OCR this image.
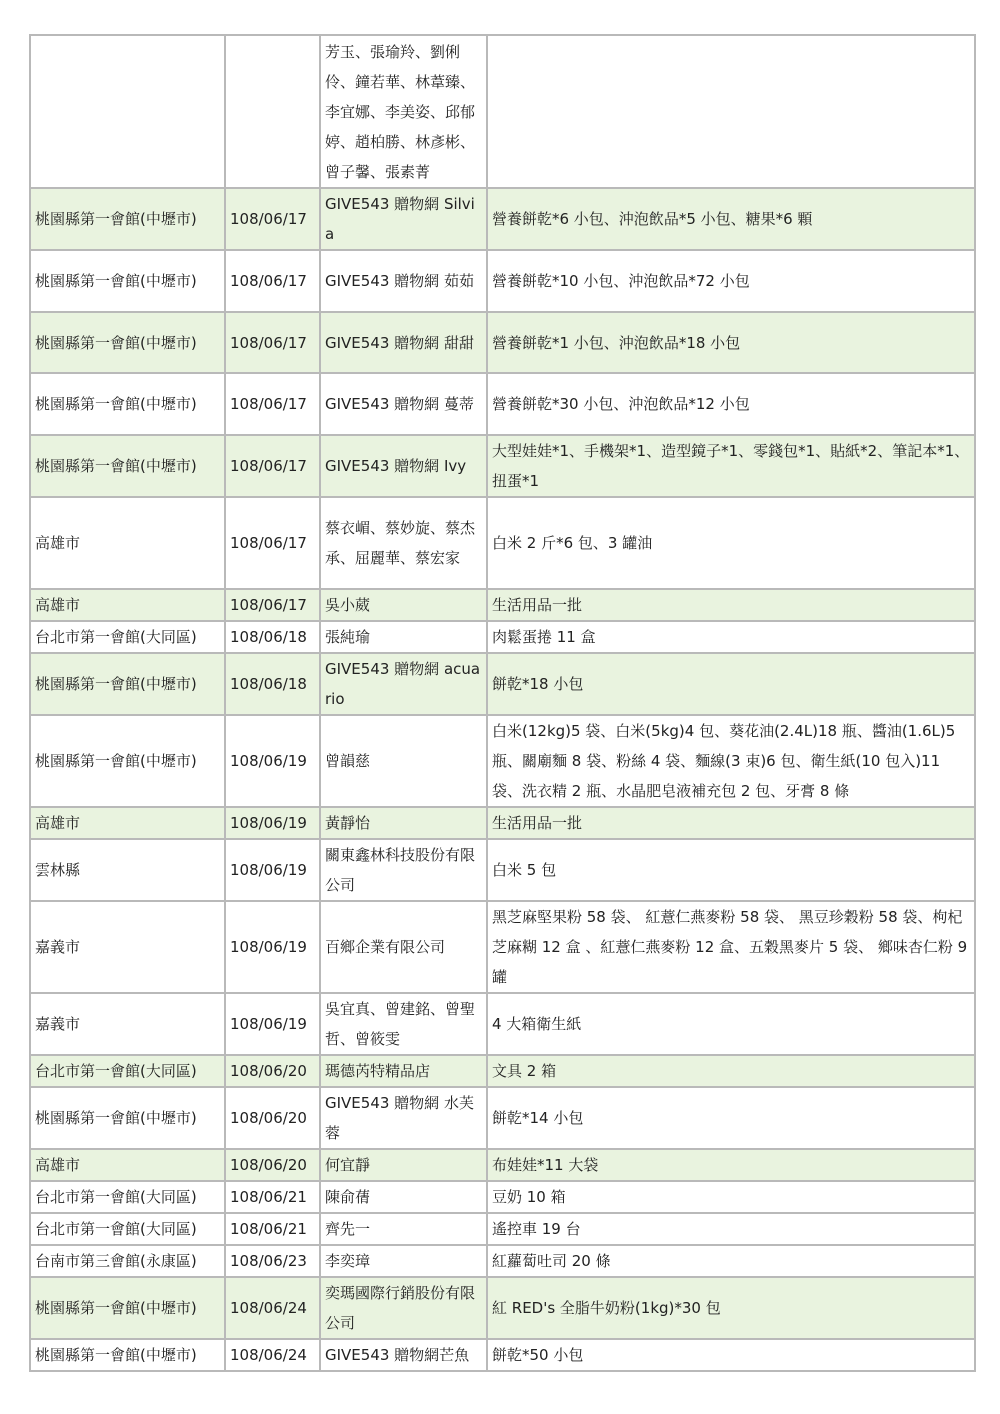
		芳玉、張瑜羚、劉俐伶、鐘若華、林葦臻、李宜娜、李美姿、邱郁婷、趙柏勝、林彥彬、曾子馨、張素菁	
桃園縣第一會館(中壢市)	108/06/17	GIVE543 贈物網 Silvia	營養餅乾*6 小包、沖泡飲品*5 小包、糖果*6 顆
桃園縣第一會館(中壢市)	108/06/17	GIVE543 贈物網 茹茹	營養餅乾*10 小包、沖泡飲品*72 小包
桃園縣第一會館(中壢市)	108/06/17	GIVE543 贈物網 甜甜	營養餅乾*1 小包、沖泡飲品*18 小包
桃園縣第一會館(中壢市)	108/06/17	GIVE543 贈物網 蔓蒂	營養餅乾*30 小包、沖泡飲品*12 小包
桃園縣第一會館(中壢市)	108/06/17	GIVE543 贈物網 Ivy	大型娃娃*1、手機架*1、造型鏡子*1、零錢包*1、貼紙*2、筆記本*1、扭蛋*1
高雄市	108/06/17	蔡衣嵋、蔡妙旋、蔡杰承、屈麗華、蔡宏家	白米 2 斤*6 包、3 罐油
高雄市	108/06/17	吳小葳	生活用品一批
台北市第一會館(大同區)	108/06/18	張純瑜	肉鬆蛋捲 11 盒
桃園縣第一會館(中壢市)	108/06/18	GIVE543 贈物網 acuario	餅乾*18 小包
桃園縣第一會館(中壢市)	108/06/19	曾韻慈	白米(12kg)5 袋、白米(5kg)4 包、葵花油(2.4L)18 瓶、醬油(1.6L)5 瓶、關廟麵 8 袋、粉絲 4 袋、麵線(3 束)6 包、衛生紙(10 包入)11 袋、洗衣精 2 瓶、水晶肥皂液補充包 2 包、牙膏 8 條
高雄市	108/06/19	黃靜怡	生活用品一批
雲林縣	108/06/19	關東鑫林科技股份有限公司	白米 5 包
嘉義市	108/06/19	百鄉企業有限公司	黑芝麻堅果粉 58 袋、 紅薏仁燕麥粉 58 袋、 黑豆珍穀粉 58 袋、枸杞芝麻糊 12 盒 、紅薏仁燕麥粉 12 盒、五穀黑麥片 5 袋、 鄉味杏仁粉 9 罐
嘉義市	108/06/19	吳宜真、曾建銘、曾聖哲、曾筱雯	4 大箱衛生紙
台北市第一會館(大同區)	108/06/20	瑪德芮特精品店	文具 2 箱
桃園縣第一會館(中壢市)	108/06/20	GIVE543 贈物網 水芙蓉	餅乾*14 小包
高雄市	108/06/20	何宜靜	布娃娃*11 大袋
台北市第一會館(大同區)	108/06/21	陳俞蒨	豆奶 10 箱
台北市第一會館(大同區)	108/06/21	齊先一	遙控車 19 台
台南市第三會館(永康區)	108/06/23	李奕璋	紅蘿蔔吐司 20 條
桃園縣第一會館(中壢市)	108/06/24	奕瑪國際行銷股份有限公司	紅 RED's 全脂牛奶粉(1kg)*30 包
桃園縣第一會館(中壢市)	108/06/24	GIVE543 贈物網芒魚	餅乾*50 小包
